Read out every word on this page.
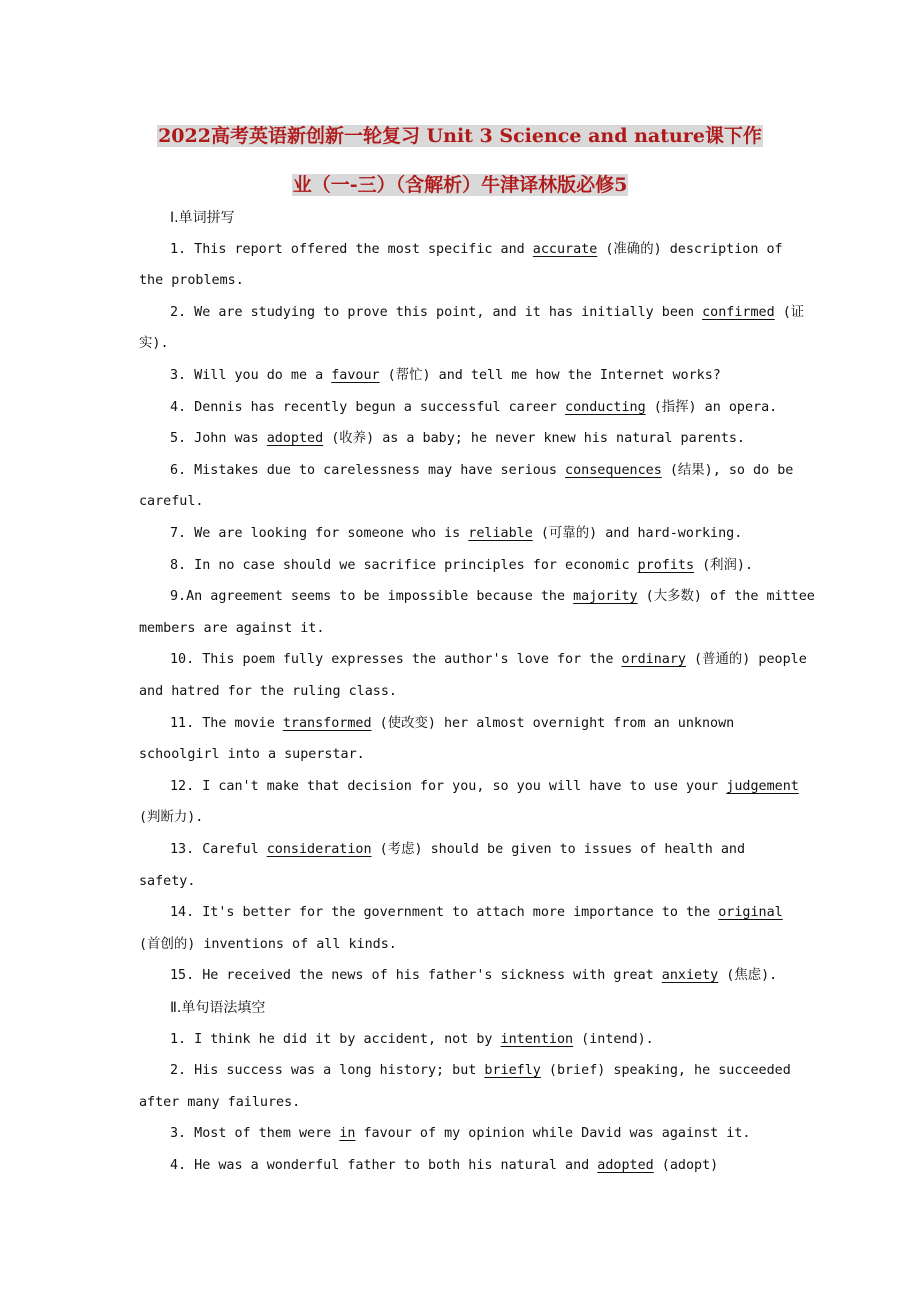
2022高考英语新创新一轮复习 Unit 3 Science and nature课下作
业（一-三）（含解析）牛津译林版必修5
Ⅰ.单词拼写
1. This report offered the most specific and accurate (准确的) description of
the problems.
2. We are studying to prove this point, and it has initially been confirmed (证
实).
3. Will you do me a favour (帮忙) and tell me how the Internet works?
4. Dennis has recently begun a successful career conducting (指挥) an opera.
5. John was adopted (收养) as a baby; he never knew his natural parents.
6. Mistakes due to carelessness may have serious consequences (结果), so do be
careful.
7. We are looking for someone who is reliable (可靠的) and hard-working.
8. In no case should we sacrifice principles for economic profits (利润).
9.An agreement seems to be impossible because the majority (大多数) of the mittee
members are against it.
10. This poem fully expresses the author's love for the ordinary (普通的) people
and hatred for the ruling class.
11. The movie transformed (使改变) her almost overnight from an unknown
schoolgirl into a superstar.
12. I can't make that decision for you, so you will have to use your judgement
(判断力).
13. Careful consideration (考虑) should be given to issues of health and
safety.
14. It's better for the government to attach more importance to the original
(首创的) inventions of all kinds.
15. He received the news of his father's sickness with great anxiety (焦虑).
Ⅱ.单句语法填空
1. I think he did it by accident, not by intention (intend).
2. His success was a long history; but briefly (brief) speaking, he succeeded
after many failures.
3. Most of them were in favour of my opinion while David was against it.
4. He was a wonderful father to both his natural and adopted (adopt)
